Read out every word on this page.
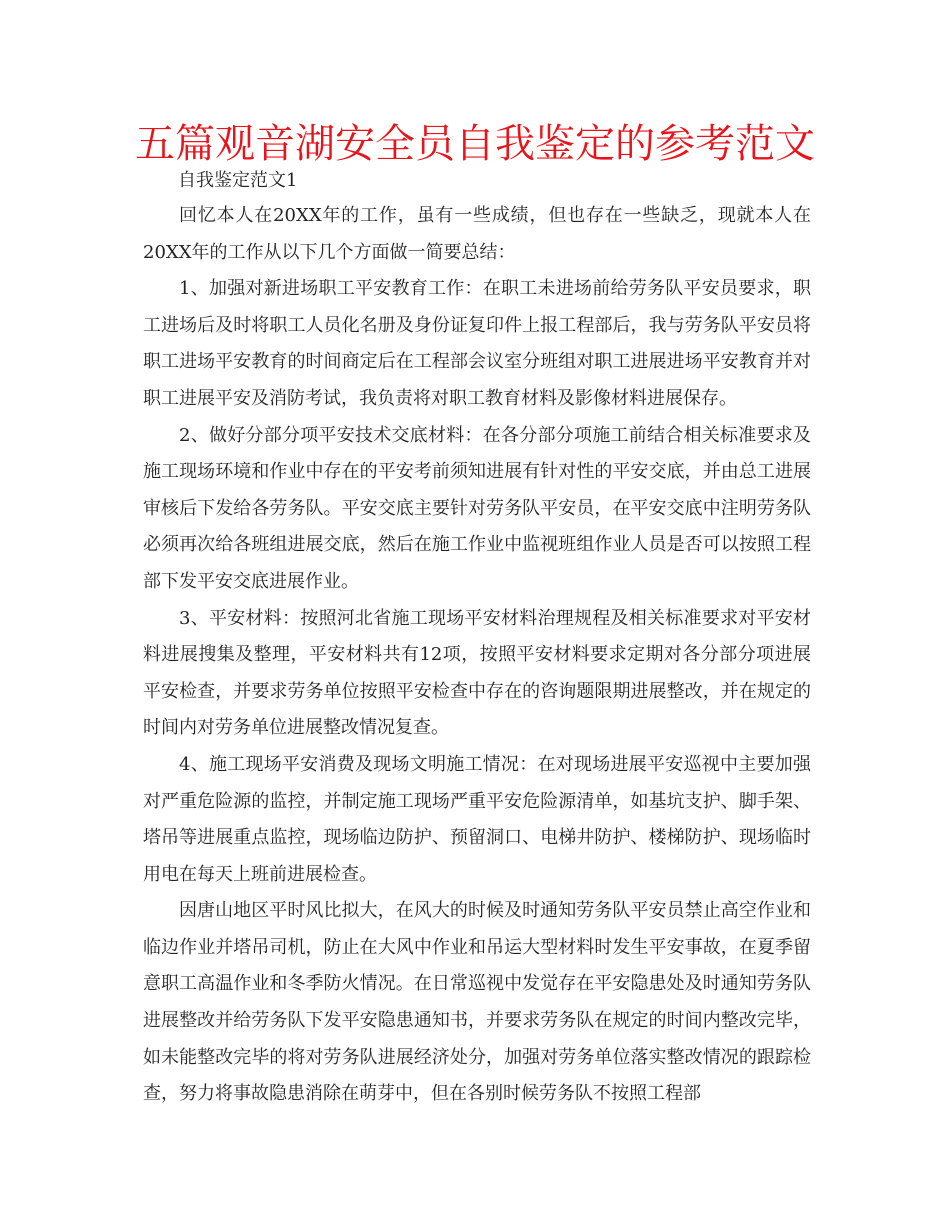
五篇观音湖安全员自我鉴定的参考范文
自我鉴定范文1

回忆本人在20XX年的工作，虽有一些成绩，但也存在一些缺乏，现就本人在20XX年的工作从以下几个方面做一简要总结：

1、加强对新进场职工平安教育工作：在职工未进场前给劳务队平安员要求，职工进场后及时将职工人员化名册及身份证复印件上报工程部后，我与劳务队平安员将职工进场平安教育的时间商定后在工程部会议室分班组对职工进展进场平安教育并对职工进展平安及消防考试，我负责将对职工教育材料及影像材料进展保存。

2、做好分部分项平安技术交底材料：在各分部分项施工前结合相关标准要求及施工现场环境和作业中存在的平安考前须知进展有针对性的平安交底，并由总工进展审核后下发给各劳务队。平安交底主要针对劳务队平安员，在平安交底中注明劳务队必须再次给各班组进展交底，然后在施工作业中监视班组作业人员是否可以按照工程部下发平安交底进展作业。

3、平安材料：按照河北省施工现场平安材料治理规程及相关标准要求对平安材料进展搜集及整理，平安材料共有12项，按照平安材料要求定期对各分部分项进展平安检查，并要求劳务单位按照平安检查中存在的咨询题限期进展整改，并在规定的时间内对劳务单位进展整改情况复查。

4、施工现场平安消费及现场文明施工情况：在对现场进展平安巡视中主要加强对严重危险源的监控，并制定施工现场严重平安危险源清单，如基坑支护、脚手架、塔吊等进展重点监控，现场临边防护、预留洞口、电梯井防护、楼梯防护、现场临时用电在每天上班前进展检查。

因唐山地区平时风比拟大，在风大的时候及时通知劳务队平安员禁止高空作业和临边作业并塔吊司机，防止在大风中作业和吊运大型材料时发生平安事故，在夏季留意职工高温作业和冬季防火情况。在日常巡视中发觉存在平安隐患处及时通知劳务队进展整改并给劳务队下发平安隐患通知书，并要求劳务队在规定的时间内整改完毕，如未能整改完毕的将对劳务队进展经济处分，加强对劳务单位落实整改情况的跟踪检查，努力将事故隐患消除在萌芽中，但在各别时候劳务队不按照工程部
